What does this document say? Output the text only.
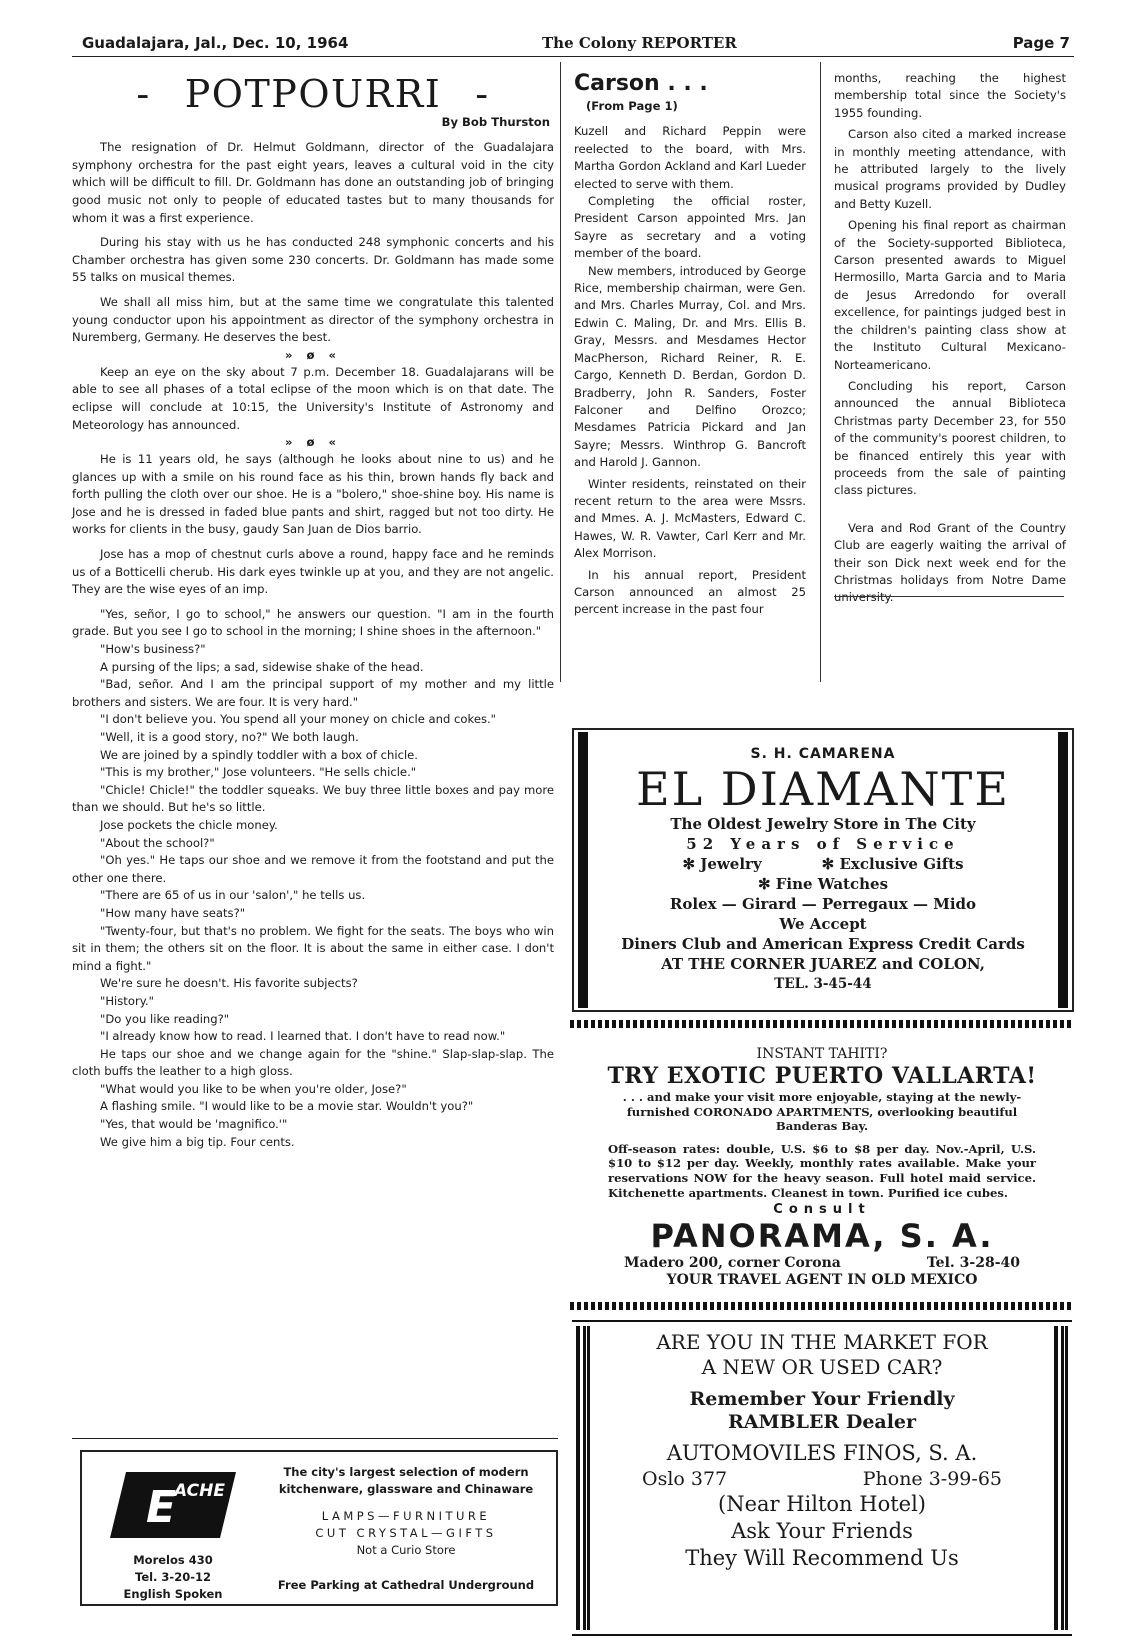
Guadalajara, Jal., Dec. 10, 1964	The Colony REPORTER	Page 7
- POTPOURRI -
By Bob Thurston

The resignation of Dr. Helmut Goldmann, director of the Guadalajara symphony orchestra for the past eight years, leaves a cultural void in the city which will be difficult to fill. Dr. Goldmann has done an outstanding job of bringing good music not only to people of educated tastes but to many thousands for whom it was a first experience.

During his stay with us he has conducted 248 symphonic concerts and his Chamber orchestra has given some 230 concerts. Dr. Goldmann has made some 55 talks on musical themes.

We shall all miss him, but at the same time we congratulate this talented young conductor upon his appointment as director of the symphony orchestra in Nuremberg, Germany. He deserves the best.

» ø «

Keep an eye on the sky about 7 p.m. December 18. Guadalajarans will be able to see all phases of a total eclipse of the moon which is on that date. The eclipse will conclude at 10:15, the University's Institute of Astronomy and Meteorology has announced.

» ø «

He is 11 years old, he says (although he looks about nine to us) and he glances up with a smile on his round face as his thin, brown hands fly back and forth pulling the cloth over our shoe. He is a "bolero," shoe-shine boy. His name is Jose and he is dressed in faded blue pants and shirt, ragged but not too dirty. He works for clients in the busy, gaudy San Juan de Dios barrio.

Jose has a mop of chestnut curls above a round, happy face and he reminds us of a Botticelli cherub. His dark eyes twinkle up at you, and they are not angelic. They are the wise eyes of an imp.

"Yes, señor, I go to school," he answers our question. "I am in the fourth grade. But you see I go to school in the morning; I shine shoes in the afternoon."

"How's business?"

A pursing of the lips; a sad, sidewise shake of the head.

"Bad, señor. And I am the principal support of my mother and my little brothers and sisters. We are four. It is very hard."

"I don't believe you. You spend all your money on chicle and cokes."

"Well, it is a good story, no?" We both laugh.

We are joined by a spindly toddler with a box of chicle.

"This is my brother," Jose volunteers. "He sells chicle."

"Chicle! Chicle!" the toddler squeaks. We buy three little boxes and pay more than we should. But he's so little.

Jose pockets the chicle money.

"About the school?"

"Oh yes." He taps our shoe and we remove it from the footstand and put the other one there.

"There are 65 of us in our 'salon'," he tells us.

"How many have seats?"

"Twenty-four, but that's no problem. We fight for the seats. The boys who win sit in them; the others sit on the floor. It is about the same in either case. I don't mind a fight."

We're sure he doesn't. His favorite subjects?

"History."

"Do you like reading?"

"I already know how to read. I learned that. I don't have to read now."

He taps our shoe and we change again for the "shine." Slap-slap-slap. The cloth buffs the leather to a high gloss.

"What would you like to be when you're older, Jose?"

A flashing smile. "I would like to be a movie star. Wouldn't you?"

"Yes, that would be 'magnifico.'"

We give him a big tip. Four cents.

E
ACHE
Morelos 430
Tel. 3-20-12
English Spoken
The city's largest selection of modern kitchenware, glassware and Chinaware
LAMPS—FURNITURE
CUT CRYSTAL—GIFTS
Not a Curio Store
Free Parking at Cathedral Underground
Carson . . .
(From Page 1)

Kuzell and Richard Peppin were reelected to the board, with Mrs. Martha Gordon Ackland and Karl Lueder elected to serve with them.

Completing the official roster, President Carson appointed Mrs. Jan Sayre as secretary and a voting member of the board.

New members, introduced by George Rice, membership chairman, were Gen. and Mrs. Charles Murray, Col. and Mrs. Edwin C. Maling, Dr. and Mrs. Ellis B. Gray, Messrs. and Mesdames Hector MacPherson, Richard Reiner, R. E. Cargo, Kenneth D. Berdan, Gordon D. Bradberry, John R. Sanders, Foster Falconer and Delfino Orozco; Mesdames Patricia Pickard and Jan Sayre; Messrs. Winthrop G. Bancroft and Harold J. Gannon.

Winter residents, reinstated on their recent return to the area were Mssrs. and Mmes. A. J. McMasters, Edward C. Hawes, W. R. Vawter, Carl Kerr and Mr. Alex Morrison.

In his annual report, President Carson announced an almost 25 percent increase in the past four

months, reaching the highest membership total since the Society's 1955 founding.

Carson also cited a marked increase in monthly meeting attendance, with he attributed largely to the lively musical programs provided by Dudley and Betty Kuzell.

Opening his final report as chairman of the Society-supported Biblioteca, Carson presented awards to Miguel Hermosillo, Marta Garcia and to Maria de Jesus Arredondo for overall excellence, for paintings judged best in the children's painting class show at the Instituto Cultural Mexicano-Norteamericano.

Concluding his report, Carson announced the annual Biblioteca Christmas party December 23, for 550 of the community's poorest children, to be financed entirely this year with proceeds from the sale of painting class pictures.

Vera and Rod Grant of the Country Club are eagerly waiting the arrival of their son Dick next week end for the Christmas holidays from Notre Dame university.

S. H. CAMARENA
EL DIAMANTE
The Oldest Jewelry Store in The City
52 Years of Service
✻ Jewelry	✻ Exclusive Gifts
✻ Fine Watches
Rolex — Girard — Perregaux — Mido
We Accept
Diners Club and American Express Credit Cards
AT THE CORNER JUAREZ and COLON,
TEL. 3-45-44
INSTANT TAHITI?
TRY EXOTIC PUERTO VALLARTA!
. . . and make your visit more enjoyable, staying at the newly-furnished CORONADO APARTMENTS, overlooking beautiful Banderas Bay.
Off-season rates: double, U.S. $6 to $8 per day. Nov.-April, U.S. $10 to $12 per day. Weekly, monthly rates available. Make your reservations NOW for the heavy season. Full hotel maid service. Kitchenette apartments. Cleanest in town. Purified ice cubes.
Consult
PANORAMA, S. A.
Madero 200, corner Corona	Tel. 3-28-40
YOUR TRAVEL AGENT IN OLD MEXICO
ARE YOU IN THE MARKET FOR
A NEW OR USED CAR?
Remember Your Friendly
RAMBLER Dealer
AUTOMOVILES FINOS, S. A.
Oslo 377	Phone 3-99-65
(Near Hilton Hotel)
Ask Your Friends
They Will Recommend Us
